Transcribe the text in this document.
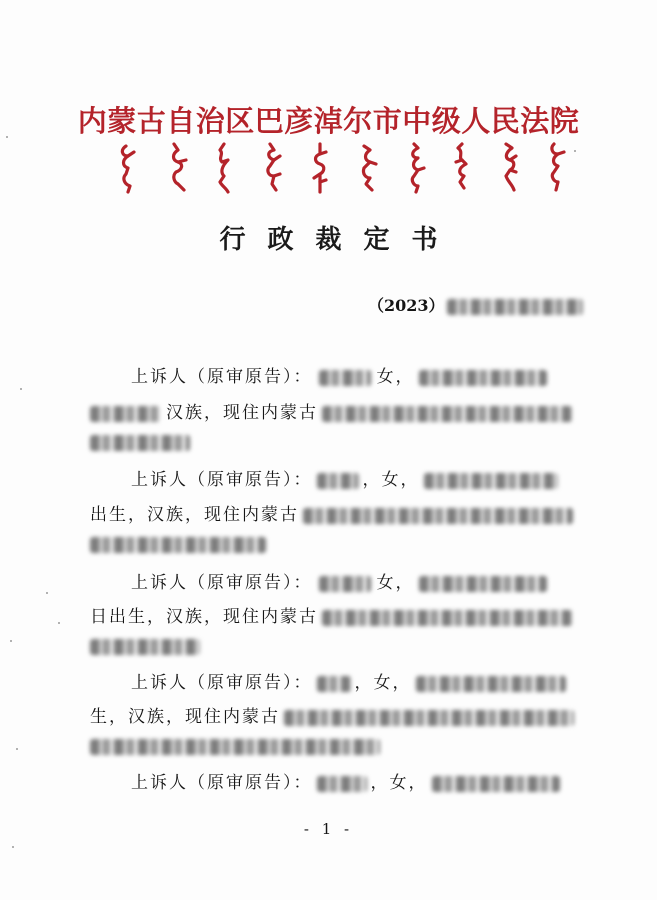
内蒙古自治区巴彦淖尔市中级人民法院
行政裁定书
（2023）
上诉人（原审原告）：	女，
汉族，现住内蒙古
上诉人（原审原告）：	，女，
出生，汉族，现住内蒙古
上诉人（原审原告）：	女，
日出生，汉族，现住内蒙古
上诉人（原审原告）： ，女，
生，汉族，现住内蒙古
上诉人（原审原告）：	，女，
- 1 -
